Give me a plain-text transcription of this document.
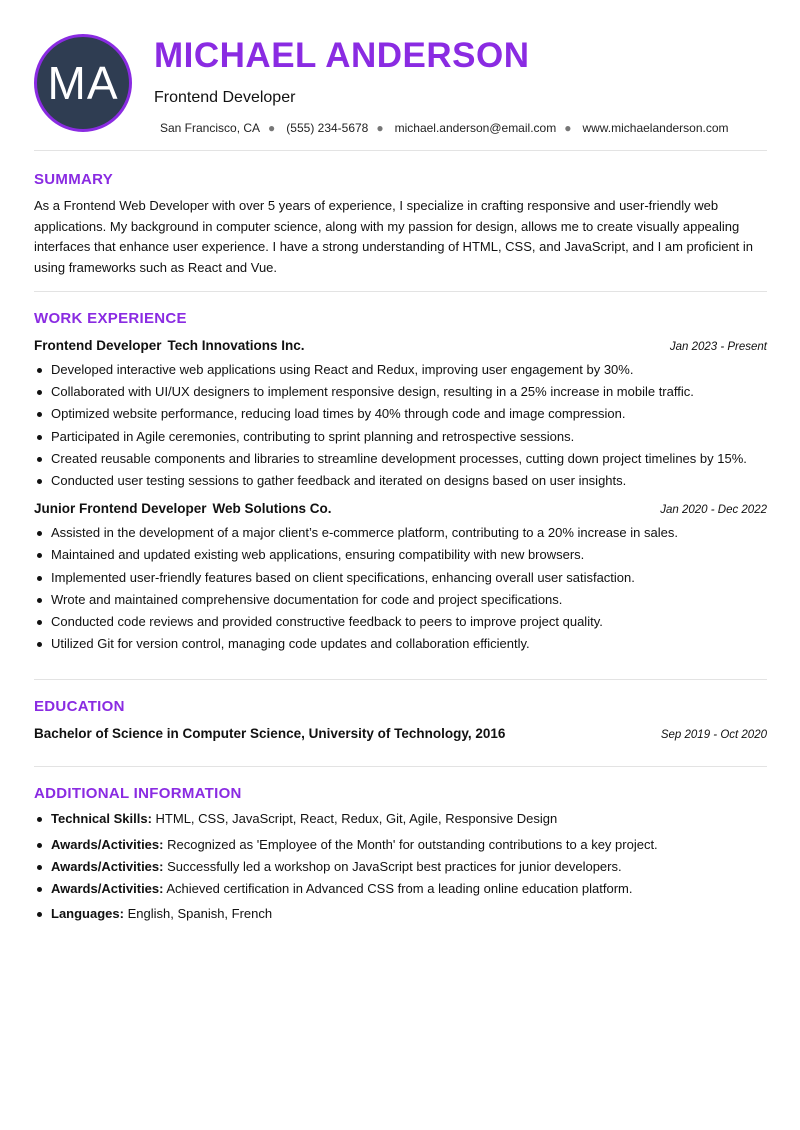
MA
MICHAEL ANDERSON
Frontend Developer
San Francisco, CA ● (555) 234-5678 ● michael.anderson@email.com ● www.michaelanderson.com
SUMMARY

As a Frontend Web Developer with over 5 years of experience, I specialize in crafting responsive and user-friendly web applications. My background in computer science, along with my passion for design, allows me to create visually appealing interfaces that enhance user experience. I have a strong understanding of HTML, CSS, and JavaScript, and I am proficient in using frameworks such as React and Vue.

WORK EXPERIENCE
Frontend Developer Tech Innovations Inc.	Jan 2023 - Present
Developed interactive web applications using React and Redux, improving user engagement by 30%.
Collaborated with UI/UX designers to implement responsive design, resulting in a 25% increase in mobile traffic.
Optimized website performance, reducing load times by 40% through code and image compression.
Participated in Agile ceremonies, contributing to sprint planning and retrospective sessions.
Created reusable components and libraries to streamline development processes, cutting down project timelines by 15%.
Conducted user testing sessions to gather feedback and iterated on designs based on user insights.
Junior Frontend Developer Web Solutions Co.	Jan 2020 - Dec 2022
Assisted in the development of a major client’s e-commerce platform, contributing to a 20% increase in sales.
Maintained and updated existing web applications, ensuring compatibility with new browsers.
Implemented user-friendly features based on client specifications, enhancing overall user satisfaction.
Wrote and maintained comprehensive documentation for code and project specifications.
Conducted code reviews and provided constructive feedback to peers to improve project quality.
Utilized Git for version control, managing code updates and collaboration efficiently.
EDUCATION
Bachelor of Science in Computer Science, University of Technology, 2016	Sep 2019 - Oct 2020
ADDITIONAL INFORMATION
Technical Skills: HTML, CSS, JavaScript, React, Redux, Git, Agile, Responsive Design
Awards/Activities: Recognized as 'Employee of the Month' for outstanding contributions to a key project.
Awards/Activities: Successfully led a workshop on JavaScript best practices for junior developers.
Awards/Activities: Achieved certification in Advanced CSS from a leading online education platform.
Languages: English, Spanish, French
